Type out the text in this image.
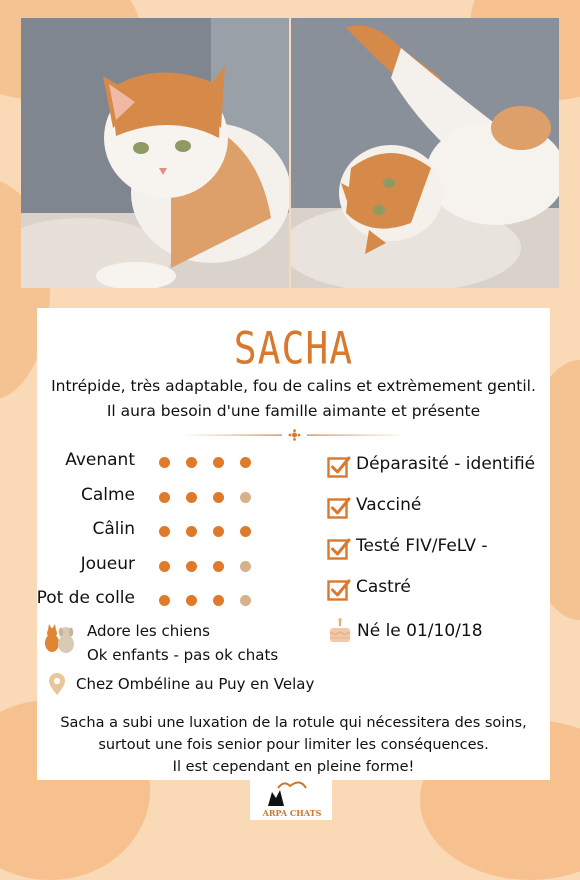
SACHA
Intrépide, très adaptable, fou de calins et extrèmement gentil.
Il aura besoin d'une famille aimante et présente
Avenant
Calme
Câlin
Joueur
Pot de colle
Déparasité - identifié
Vacciné
Testé FIV/FeLV -
Castré
Adore les chiens
Ok enfants - pas ok chats
Né le 01/10/18
Chez Ombéline au Puy en Velay
Sacha a subi une luxation de la rotule qui nécessitera des soins,
surtout une fois senior pour limiter les conséquences.
Il est cependant en pleine forme!
ARPA CHATS
